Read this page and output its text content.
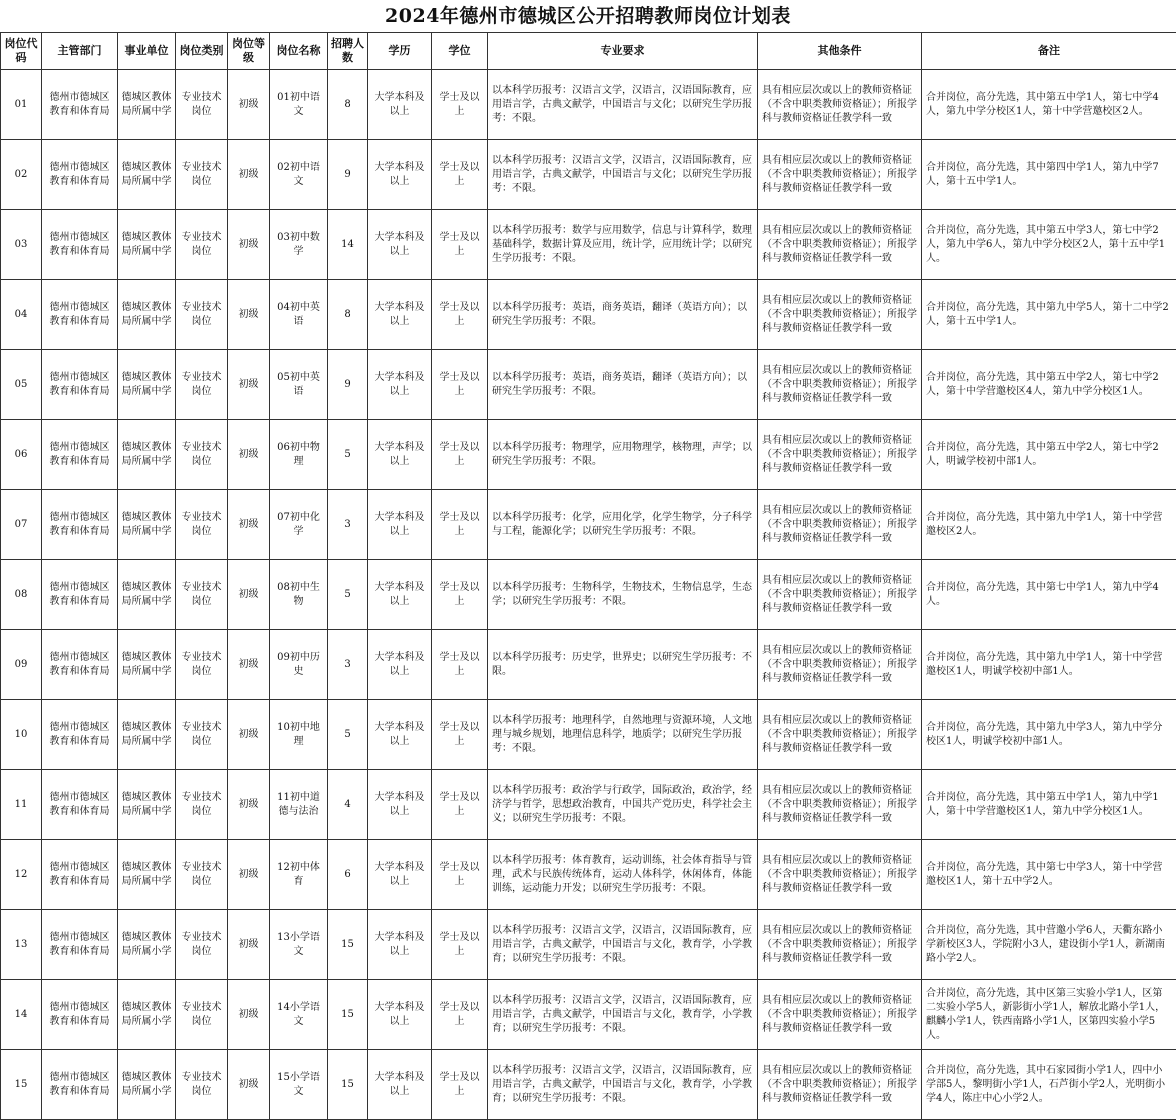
2024年德州市德城区公开招聘教师岗位计划表
岗位代码	主管部门	事业单位	岗位类别	岗位等级	岗位名称	招聘人数	学历	学位	专业要求	其他条件	备注
01	德州市德城区教育和体育局	德城区教体局所属中学	专业技术岗位	初级	01初中语文	8	大学本科及以上	学士及以上	以本科学历报考：汉语言文学，汉语言，汉语国际教育，应用语言学，古典文献学，中国语言与文化；以研究生学历报考：不限。	具有相应层次或以上的教师资格证（不含中职类教师资格证）；所报学科与教师资格证任教学科一致	合并岗位，高分先选，其中第五中学1人，第七中学4人，第九中学分校区1人，第十中学营邀校区2人。
02	德州市德城区教育和体育局	德城区教体局所属中学	专业技术岗位	初级	02初中语文	9	大学本科及以上	学士及以上	以本科学历报考：汉语言文学，汉语言，汉语国际教育，应用语言学，古典文献学，中国语言与文化；以研究生学历报考：不限。	具有相应层次或以上的教师资格证（不含中职类教师资格证）；所报学科与教师资格证任教学科一致	合并岗位，高分先选，其中第四中学1人，第九中学7人，第十五中学1人。
03	德州市德城区教育和体育局	德城区教体局所属中学	专业技术岗位	初级	03初中数学	14	大学本科及以上	学士及以上	以本科学历报考：数学与应用数学，信息与计算科学，数理基础科学，数据计算及应用，统计学，应用统计学；以研究生学历报考：不限。	具有相应层次或以上的教师资格证（不含中职类教师资格证）；所报学科与教师资格证任教学科一致	合并岗位，高分先选，其中第五中学3人，第七中学2人，第九中学6人，第九中学分校区2人，第十五中学1人。
04	德州市德城区教育和体育局	德城区教体局所属中学	专业技术岗位	初级	04初中英语	8	大学本科及以上	学士及以上	以本科学历报考：英语，商务英语，翻译（英语方向）；以研究生学历报考：不限。	具有相应层次或以上的教师资格证（不含中职类教师资格证）；所报学科与教师资格证任教学科一致	合并岗位，高分先选，其中第九中学5人，第十二中学2人，第十五中学1人。
05	德州市德城区教育和体育局	德城区教体局所属中学	专业技术岗位	初级	05初中英语	9	大学本科及以上	学士及以上	以本科学历报考：英语，商务英语，翻译（英语方向）；以研究生学历报考：不限。	具有相应层次或以上的教师资格证（不含中职类教师资格证）；所报学科与教师资格证任教学科一致	合并岗位，高分先选，其中第五中学2人，第七中学2人，第十中学营邀校区4人，第九中学分校区1人。
06	德州市德城区教育和体育局	德城区教体局所属中学	专业技术岗位	初级	06初中物理	5	大学本科及以上	学士及以上	以本科学历报考：物理学，应用物理学，核物理，声学；以研究生学历报考：不限。	具有相应层次或以上的教师资格证（不含中职类教师资格证）；所报学科与教师资格证任教学科一致	合并岗位，高分先选，其中第五中学2人，第七中学2人，明诚学校初中部1人。
07	德州市德城区教育和体育局	德城区教体局所属中学	专业技术岗位	初级	07初中化学	3	大学本科及以上	学士及以上	以本科学历报考：化学，应用化学，化学生物学，分子科学与工程，能源化学；以研究生学历报考：不限。	具有相应层次或以上的教师资格证（不含中职类教师资格证）；所报学科与教师资格证任教学科一致	合并岗位，高分先选，其中第九中学1人，第十中学营邀校区2人。
08	德州市德城区教育和体育局	德城区教体局所属中学	专业技术岗位	初级	08初中生物	5	大学本科及以上	学士及以上	以本科学历报考：生物科学，生物技术，生物信息学，生态学；以研究生学历报考：不限。	具有相应层次或以上的教师资格证（不含中职类教师资格证）；所报学科与教师资格证任教学科一致	合并岗位，高分先选，其中第七中学1人，第九中学4人。
09	德州市德城区教育和体育局	德城区教体局所属中学	专业技术岗位	初级	09初中历史	3	大学本科及以上	学士及以上	以本科学历报考：历史学，世界史；以研究生学历报考：不限。	具有相应层次或以上的教师资格证（不含中职类教师资格证）；所报学科与教师资格证任教学科一致	合并岗位，高分先选，其中第九中学1人，第十中学营邀校区1人，明诚学校初中部1人。
10	德州市德城区教育和体育局	德城区教体局所属中学	专业技术岗位	初级	10初中地理	5	大学本科及以上	学士及以上	以本科学历报考：地理科学，自然地理与资源环境，人文地理与城乡规划，地理信息科学，地质学；以研究生学历报考：不限。	具有相应层次或以上的教师资格证（不含中职类教师资格证）；所报学科与教师资格证任教学科一致	合并岗位，高分先选，其中第九中学3人，第九中学分校区1人，明诚学校初中部1人。
11	德州市德城区教育和体育局	德城区教体局所属中学	专业技术岗位	初级	11初中道德与法治	4	大学本科及以上	学士及以上	以本科学历报考：政治学与行政学，国际政治，政治学，经济学与哲学，思想政治教育，中国共产党历史，科学社会主义；以研究生学历报考：不限。	具有相应层次或以上的教师资格证（不含中职类教师资格证）；所报学科与教师资格证任教学科一致	合并岗位，高分先选，其中第五中学1人，第九中学1人，第十中学营邀校区1人，第九中学分校区1人。
12	德州市德城区教育和体育局	德城区教体局所属中学	专业技术岗位	初级	12初中体育	6	大学本科及以上	学士及以上	以本科学历报考：体育教育，运动训练，社会体育指导与管理，武术与民族传统体育，运动人体科学，休闲体育，体能训练，运动能力开发；以研究生学历报考：不限。	具有相应层次或以上的教师资格证（不含中职类教师资格证）；所报学科与教师资格证任教学科一致	合并岗位，高分先选，其中第七中学3人，第十中学营邀校区1人，第十五中学2人。
13	德州市德城区教育和体育局	德城区教体局所属小学	专业技术岗位	初级	13小学语文	15	大学本科及以上	学士及以上	以本科学历报考：汉语言文学，汉语言，汉语国际教育，应用语言学，古典文献学，中国语言与文化，教育学，小学教育；以研究生学历报考：不限。	具有相应层次或以上的教师资格证（不含中职类教师资格证）；所报学科与教师资格证任教学科一致	合并岗位，高分先选，其中营邀小学6人，天衢东路小学新校区3人，学院附小3人，建设街小学1人，新湖南路小学2人。
14	德州市德城区教育和体育局	德城区教体局所属小学	专业技术岗位	初级	14小学语文	15	大学本科及以上	学士及以上	以本科学历报考：汉语言文学，汉语言，汉语国际教育，应用语言学，古典文献学，中国语言与文化，教育学，小学教育；以研究生学历报考：不限。	具有相应层次或以上的教师资格证（不含中职类教师资格证）；所报学科与教师资格证任教学科一致	合并岗位，高分先选，其中区第三实验小学1人，区第二实验小学5人，新影街小学1人，解放北路小学1人，麒麟小学1人，铁西南路小学1人，区第四实验小学5人。
15	德州市德城区教育和体育局	德城区教体局所属小学	专业技术岗位	初级	15小学语文	15	大学本科及以上	学士及以上	以本科学历报考：汉语言文学，汉语言，汉语国际教育，应用语言学，古典文献学，中国语言与文化，教育学，小学教育；以研究生学历报考：不限。	具有相应层次或以上的教师资格证（不含中职类教师资格证）；所报学科与教师资格证任教学科一致	合并岗位，高分先选，其中石家园街小学1人，四中小学部5人，黎明街小学1人，石芦街小学2人，光明街小学4人，陈庄中心小学2人。
